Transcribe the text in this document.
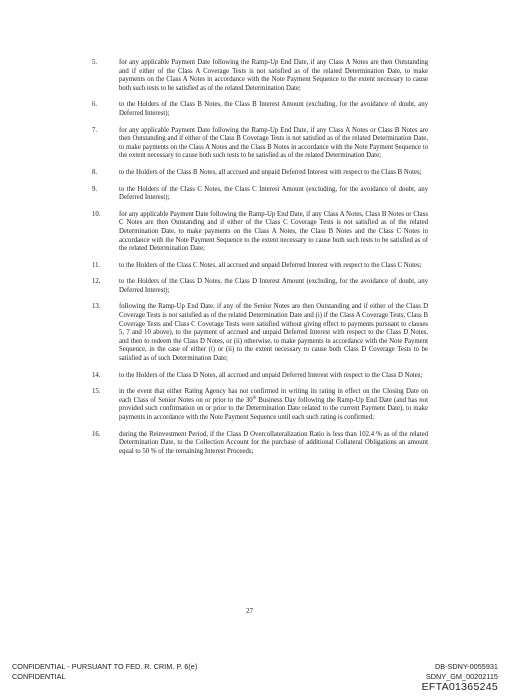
5.	for any applicable Payment Date following the Ramp-Up End Date, if any Class A Notes are then Outstanding and if either of the Class A Coverage Tests is not satisfied as of the related Determination Date, to make payments on the Class A Notes in accordance with the Note Payment Sequence to the extent necessary to cause both such tests to be satisfied as of the related Determination Date;
6.	to the Holders of the Class B Notes, the Class B Interest Amount (excluding, for the avoidance of doubt, any Deferred Interest);
7.	for any applicable Payment Date following the Ramp-Up End Date, if any Class A Notes or Class B Notes are then Outstanding and if either of the Class B Coverage Tests is not satisfied as of the related Determination Date, to make payments on the Class A Notes and the Class B Notes in accordance with the Note Payment Sequence to the extent necessary to cause both such tests to be satisfied as of the related Determination Date;
8.	to the Holders of the Class B Notes, all accrued and unpaid Deferred Interest with respect to the Class B Notes;
9.	to the Holders of the Class C Notes, the Class C Interest Amount (excluding, for the avoidance of doubt, any Deferred Interest);
10.	for any applicable Payment Date following the Ramp-Up End Date, if any Class A Notes, Class B Notes or Class C Notes are then Outstanding and if either of the Class C Coverage Tests is not satisfied as of the related Determination Date, to make payments on the Class A Notes, the Class B Notes and the Class C Notes in accordance with the Note Payment Sequence to the extent necessary to cause both such tests to be satisfied as of the related Determination Date;
11.	to the Holders of the Class C Notes, all accrued and unpaid Deferred Interest with respect to the Class C Notes;
12.	to the Holders of the Class D Notes, the Class D Interest Amount (excluding, for the avoidance of doubt, any Deferred Interest);
13.	following the Ramp-Up End Date, if any of the Senior Notes are then Outstanding and if either of the Class D Coverage Tests is not satisfied as of the related Determination Date and (i) if the Class A Coverage Tests, Class B Coverage Tests and Class C Coverage Tests were satisfied without giving effect to payments pursuant to clauses 5, 7 and 10 above), to the payment of accrued and unpaid Deferred Interest with respect to the Class D Notes, and then to redeem the Class D Notes, or (ii) otherwise, to make payments in accordance with the Note Payment Sequence, in the case of either (i) or (ii) to the extent necessary to cause both Class D Coverage Tests to be satisfied as of such Determination Date;
14.	to the Holders of the Class D Notes, all accrued and unpaid Deferred Interest with respect to the Class D Notes;
15.	in the event that either Rating Agency has not confirmed in writing its rating in effect on the Closing Date on each Class of Senior Notes on or prior to the 30th Business Day following the Ramp-Up End Date (and has not provided such confirmation on or prior to the Determination Date related to the current Payment Date), to make payments in accordance with the Note Payment Sequence until each such rating is confirmed;
16.	during the Reinvestment Period, if the Class D Overcollateralization Ratio is less than 102.4 % as of the related Determination Date, to the Collection Account for the purchase of additional Collateral Obligations an amount equal to 50 % of the remaining Interest Proceeds;
27
CONFIDENTIAL - PURSUANT TO FED. R. CRIM. P. 6(e)
CONFIDENTIAL
DB-SDNY-0055931
SDNY_GM_00202115
EFTA01365245
